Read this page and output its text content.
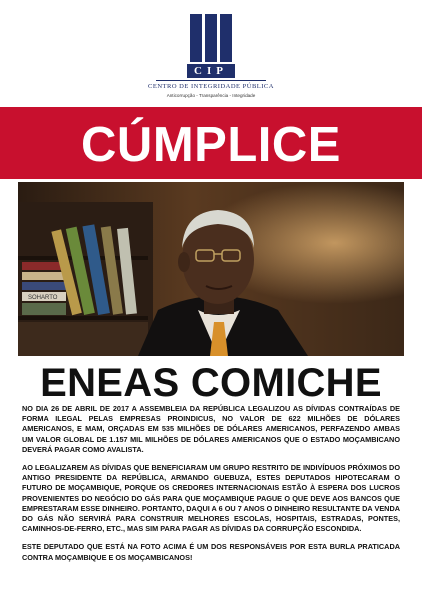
CIP
CENTRO DE INTEGRIDADE PÚBLICA
Anticorrupção - Transparência - Integridade
CÚMPLICE
SOHARTO
ENEAS COMICHE

NO DIA 26 DE ABRIL DE 2017 A ASSEMBLEIA DA REPÚBLICA LEGALIZOU AS DÍVIDAS CONTRAÍDAS DE FORMA ILEGAL PELAS EMPRESAS PROINDICUS, NO VALOR DE 622 MILHÕES DE DÓLARES AMERICANOS, E MAM, ORÇADAS EM 535 MILHÕES DE DÓLARES AMERICANOS, PERFAZENDO AMBAS UM VALOR GLOBAL DE 1.157 MIL MILHÕES DE DÓLARES AMERICANOS QUE O ESTADO MOÇAMBICANO DEVERÁ PAGAR COMO AVALISTA.

AO LEGALIZAREM AS DÍVIDAS QUE BENEFICIARAM UM GRUPO RESTRITO DE INDIVÍDUOS PRÓXIMOS DO ANTIGO PRESIDENTE DA REPÚBLICA, ARMANDO GUEBUZA, ESTES DEPUTADOS HIPOTECARAM O FUTURO DE MOÇAMBIQUE, PORQUE OS CREDORES INTERNACIONAIS ESTÃO À ESPERA DOS LUCROS PROVENIENTES DO NEGÓCIO DO GÁS PARA QUE MOÇAMBIQUE PAGUE O QUE DEVE AOS BANCOS QUE EMPRESTARAM ESSE DINHEIRO. PORTANTO, DAQUI A 6 OU 7 ANOS O DINHEIRO RESULTANTE DA VENDA DO GÁS NÃO SERVIRÁ PARA CONSTRUIR MELHORES ESCOLAS, HOSPITAIS, ESTRADAS, PONTES, CAMINHOS-DE-FERRO, ETC., MAS SIM PARA PAGAR AS DÍVIDAS DA CORRUPÇÃO ESCONDIDA.

ESTE DEPUTADO QUE ESTÁ NA FOTO ACIMA É UM DOS RESPONSÁVEIS POR ESTA BURLA PRATICADA CONTRA MOÇAMBIQUE E OS MOÇAMBICANOS!
